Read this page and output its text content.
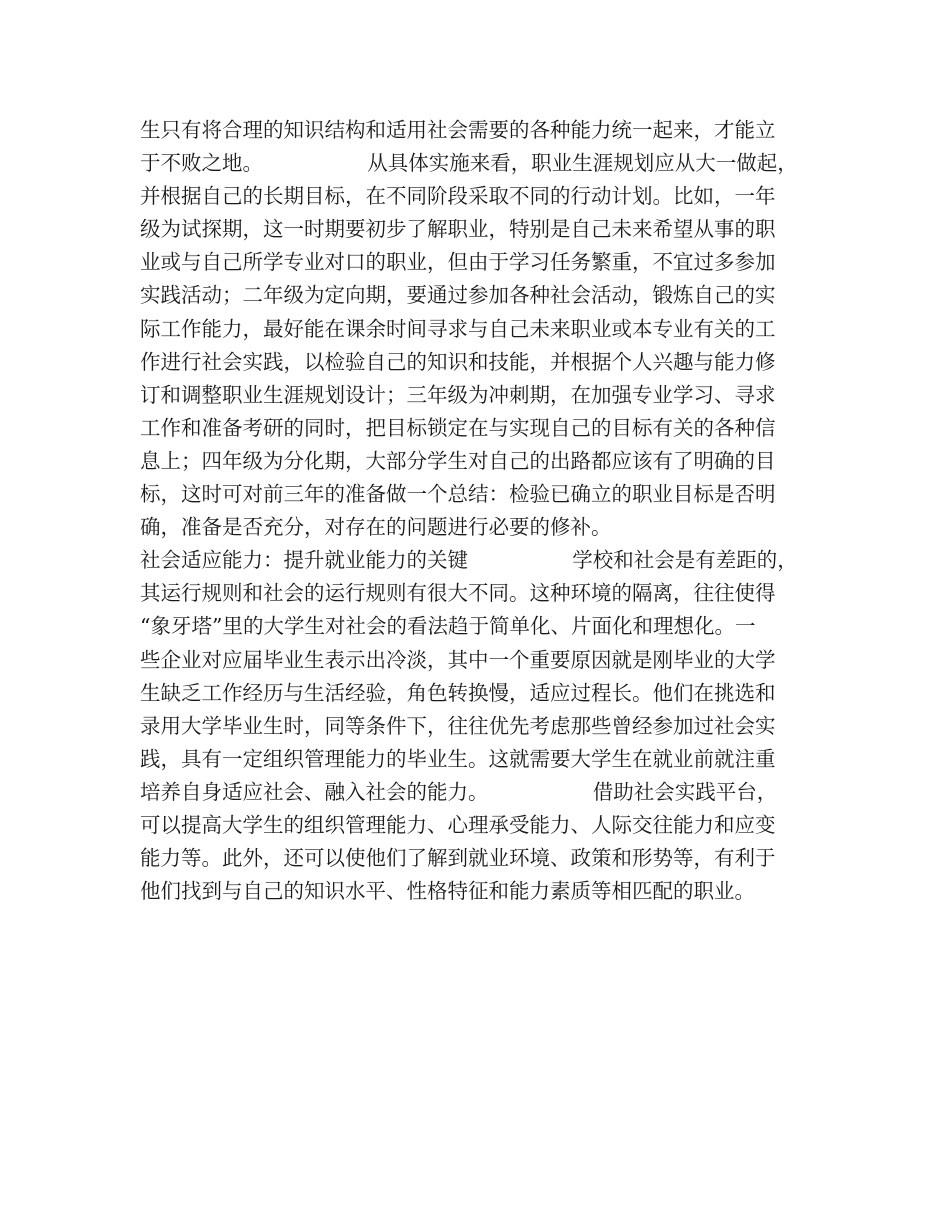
生只有将合理的知识结构和适用社会需要的各种能力统一起来，才能立
于不败之地。                从具体实施来看，职业生涯规划应从大一做起，
并根据自己的长期目标，在不同阶段采取不同的行动计划。比如，一年
级为试探期，这一时期要初步了解职业，特别是自己未来希望从事的职
业或与自己所学专业对口的职业，但由于学习任务繁重，不宜过多参加
实践活动；二年级为定向期，要通过参加各种社会活动，锻炼自己的实
际工作能力，最好能在课余时间寻求与自己未来职业或本专业有关的工
作进行社会实践，以检验自己的知识和技能，并根据个人兴趣与能力修
订和调整职业生涯规划设计；三年级为冲刺期，在加强专业学习、寻求
工作和准备考研的同时，把目标锁定在与实现自己的目标有关的各种信
息上；四年级为分化期，大部分学生对自己的出路都应该有了明确的目
标，这时可对前三年的准备做一个总结：检验已确立的职业目标是否明
确，准备是否充分，对存在的问题进行必要的修补。
社会适应能力：提升就业能力的关键                学校和社会是有差距的，
其运行规则和社会的运行规则有很大不同。这种环境的隔离，往往使得
“象牙塔”里的大学生对社会的看法趋于简单化、片面化和理想化。一
些企业对应届毕业生表示出冷淡，其中一个重要原因就是刚毕业的大学
生缺乏工作经历与生活经验，角色转换慢，适应过程长。他们在挑选和
录用大学毕业生时，同等条件下，往往优先考虑那些曾经参加过社会实
践，具有一定组织管理能力的毕业生。这就需要大学生在就业前就注重
培养自身适应社会、融入社会的能力。                借助社会实践平台，
可以提高大学生的组织管理能力、心理承受能力、人际交往能力和应变
能力等。此外，还可以使他们了解到就业环境、政策和形势等，有利于
他们找到与自己的知识水平、性格特征和能力素质等相匹配的职业。
